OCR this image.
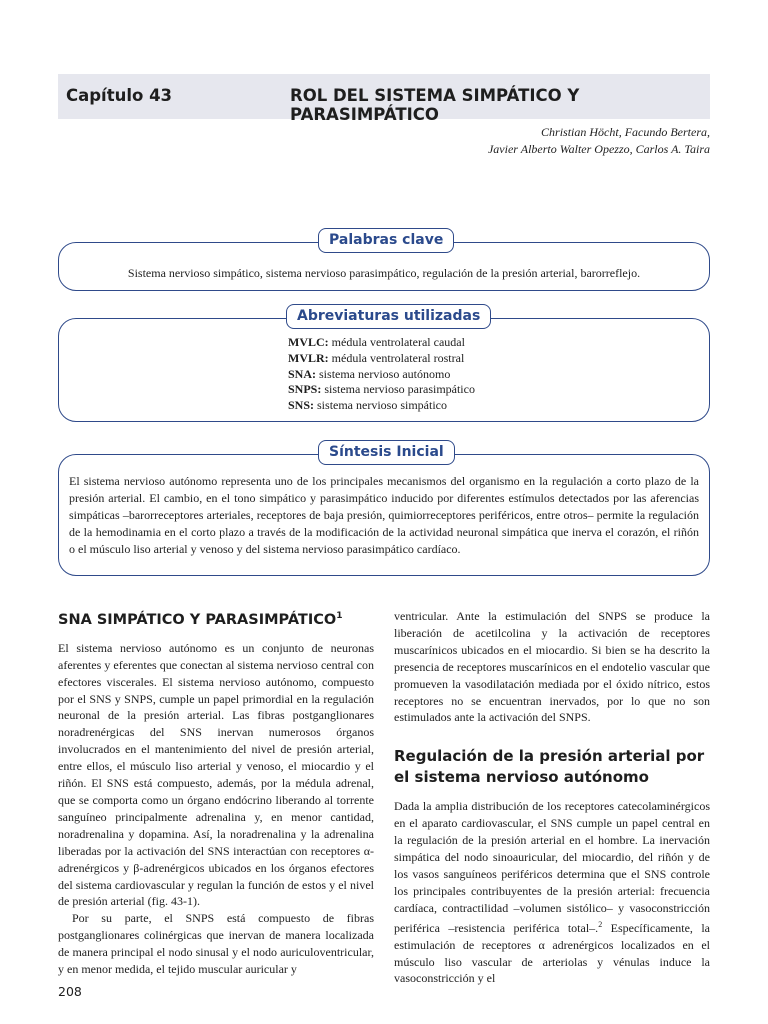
Capítulo 43	ROL DEL SISTEMA SIMPÁTICO Y PARASIMPÁTICO
Christian Höcht, Facundo Bertera,
Javier Alberto Walter Opezzo, Carlos A. Taira
Sistema nervioso simpático, sistema nervioso parasimpático, regulación de la presión arterial, barorreflejo.
Palabras clave
MVLC: médula ventrolateral caudal
MVLR: médula ventrolateral rostral
SNA: sistema nervioso autónomo
SNPS: sistema nervioso parasimpático
SNS: sistema nervioso simpático
Abreviaturas utilizadas
El sistema nervioso autónomo representa uno de los principales mecanismos del organismo en la regulación a corto plazo de la presión arterial. El cambio, en el tono simpático y parasimpático inducido por diferentes estímulos detectados por las aferencias simpáticas –barorreceptores arteriales, receptores de baja presión, quimiorreceptores periféricos, entre otros– permite la regulación de la hemodinamia en el corto plazo a través de la modificación de la actividad neuronal simpática que inerva el corazón, el riñón o el músculo liso arterial y venoso y del sistema nervioso parasimpático cardíaco.
Síntesis Inicial
SNA SIMPÁTICO Y PARASIMPÁTICO$^1$

El sistema nervioso autónomo es un conjunto de neuronas aferentes y eferentes que conectan al sistema nervioso central con efectores viscerales. El sistema nervioso autónomo, compuesto por el SNS y SNPS, cumple un papel primordial en la regulación neuronal de la presión arterial. Las fibras postganglionares noradrenérgicas del SNS inervan numerosos órganos involucrados en el mantenimiento del nivel de presión arterial, entre ellos, el músculo liso arterial y venoso, el miocardio y el riñón. El SNS está compuesto, además, por la médula adrenal, que se comporta como un órgano endócrino liberando al torrente sanguíneo principalmente adrenalina y, en menor cantidad, noradrenalina y dopamina. Así, la noradrenalina y la adrenalina liberadas por la activación del SNS interactúan con receptores α-adrenérgicos y β-adrenérgicos ubicados en los órganos efectores del sistema cardiovascular y regulan la función de estos y el nivel de presión arterial (fig. 43-1).

Por su parte, el SNPS está compuesto de fibras postganglionares colinérgicas que inervan de manera localizada de manera principal el nodo sinusal y el nodo auriculoventricular, y en menor medida, el tejido muscular auricular y

ventricular. Ante la estimulación del SNPS se produce la liberación de acetilcolina y la activación de receptores muscarínicos ubicados en el miocardio. Si bien se ha descrito la presencia de receptores muscarínicos en el endotelio vascular que promueven la vasodilatación mediada por el óxido nítrico, estos receptores no se encuentran inervados, por lo que no son estimulados ante la activación del SNPS.

Regulación de la presión arterial por el sistema nervioso autónomo

Dada la amplia distribución de los receptores catecolaminérgicos en el aparato cardiovascular, el SNS cumple un papel central en la regulación de la presión arterial en el hombre. La inervación simpática del nodo sinoauricular, del miocardio, del riñón y de los vasos sanguíneos periféricos determina que el SNS controle los principales contribuyentes de la presión arterial: frecuencia cardíaca, contractilidad –volumen sistólico– y vasoconstricción periférica –resistencia periférica total–.$^2$ Específicamente, la estimulación de receptores α adrenérgicos localizados en el músculo liso vascular de arteriolas y vénulas induce la vasoconstricción y el

208
